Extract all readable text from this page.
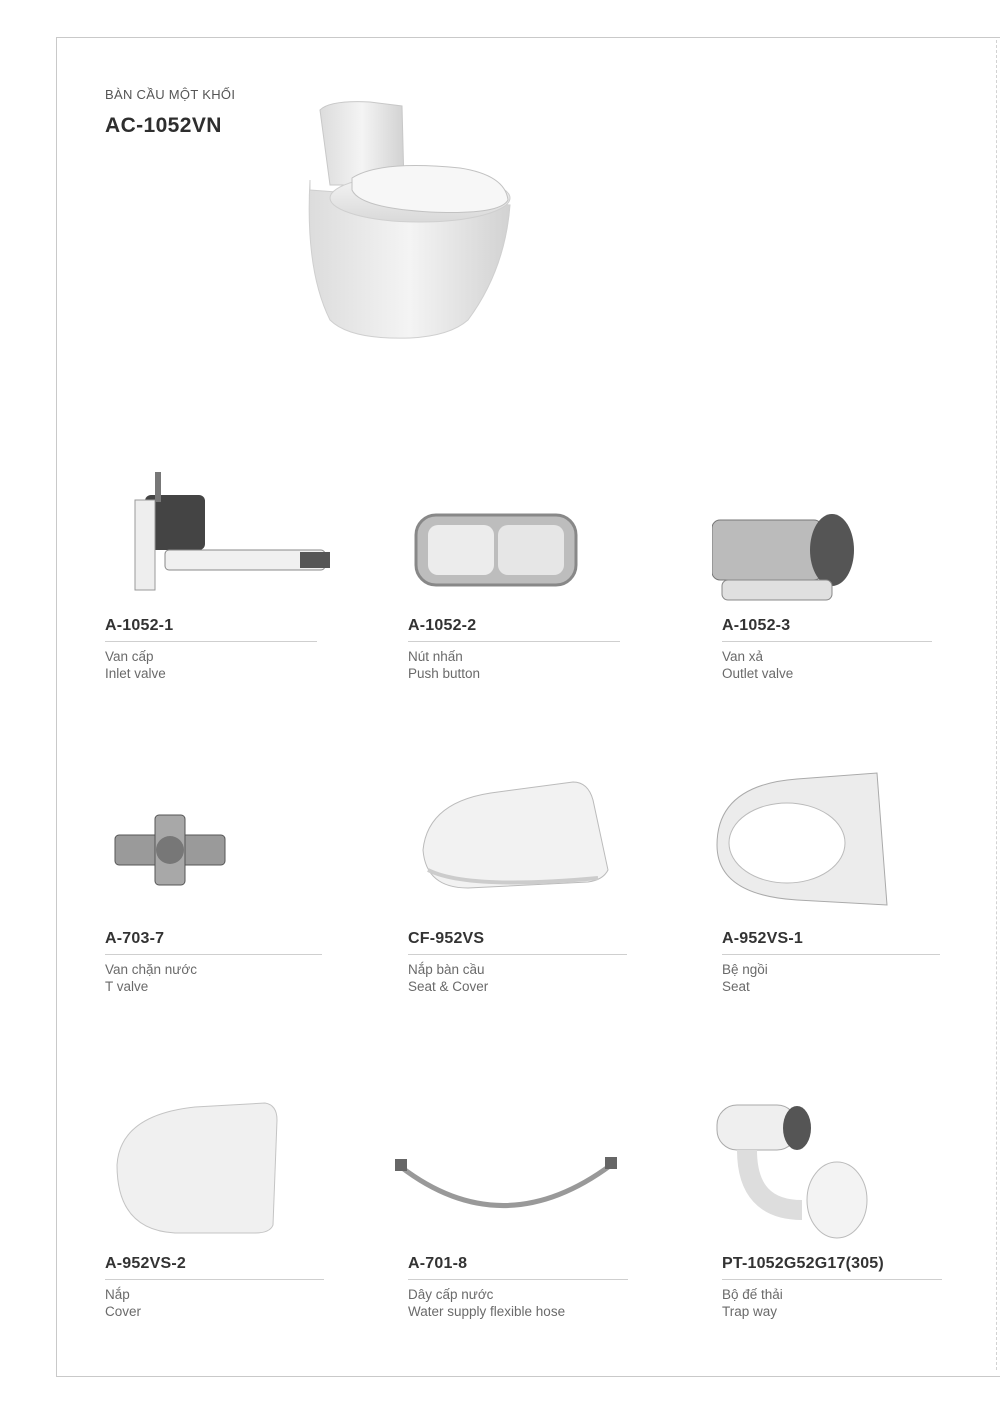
BÀN CẦU MỘT KHỐI
AC-1052VN
A-1052-1
Van cấp
Inlet valve
A-1052-2
Nút nhấn
Push button
A-1052-3
Van xả
Outlet valve
A-703-7
Van chặn nước
T valve
CF-952VS
Nắp bàn cầu
Seat & Cover
A-952VS-1
Bệ ngồi
Seat
A-952VS-2
Nắp
Cover
A-701-8
Dây cấp nước
Water supply flexible hose
PT-1052G52G17(305)
Bộ đế thải
Trap way
